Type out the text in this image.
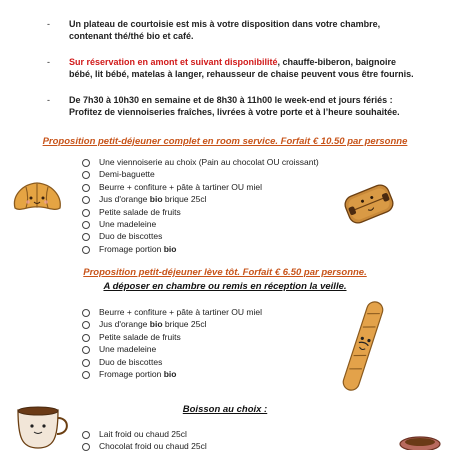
- Un plateau de courtoisie est mis à votre disposition dans votre chambre, contenant thé/thé bio et café.
- Sur réservation en amont et suivant disponibilité, chauffe-biberon, baignoire bébé, lit bébé, matelas à langer, rehausseur de chaise peuvent vous être fournis.
- De 7h30 à 10h30 en semaine et de 8h30 à 11h00 le week-end et jours fériés :
Profitez de viennoiseries fraîches, livrées à votre porte et à l’heure souhaitée.
Proposition petit-déjeuner complet en room service. Forfait € 10.50 par personne
Une viennoiserie au choix (Pain au chocolat OU croissant)
Demi-baguette
Beurre + confiture + pâte à tartiner OU miel
Jus d'orange bio brique 25cl
Petite salade de fruits
Une madeleine
Duo de biscottes
Fromage portion bio
Proposition petit-déjeuner lève tôt. Forfait € 6.50 par personne.
A déposer en chambre ou remis en réception la veille.
Beurre + confiture + pâte à tartiner OU miel
Jus d'orange bio brique 25cl
Petite salade de fruits
Une madeleine
Duo de biscottes
Fromage portion bio
Boisson au choix :
Lait froid ou chaud 25cl
Chocolat froid ou chaud 25cl
